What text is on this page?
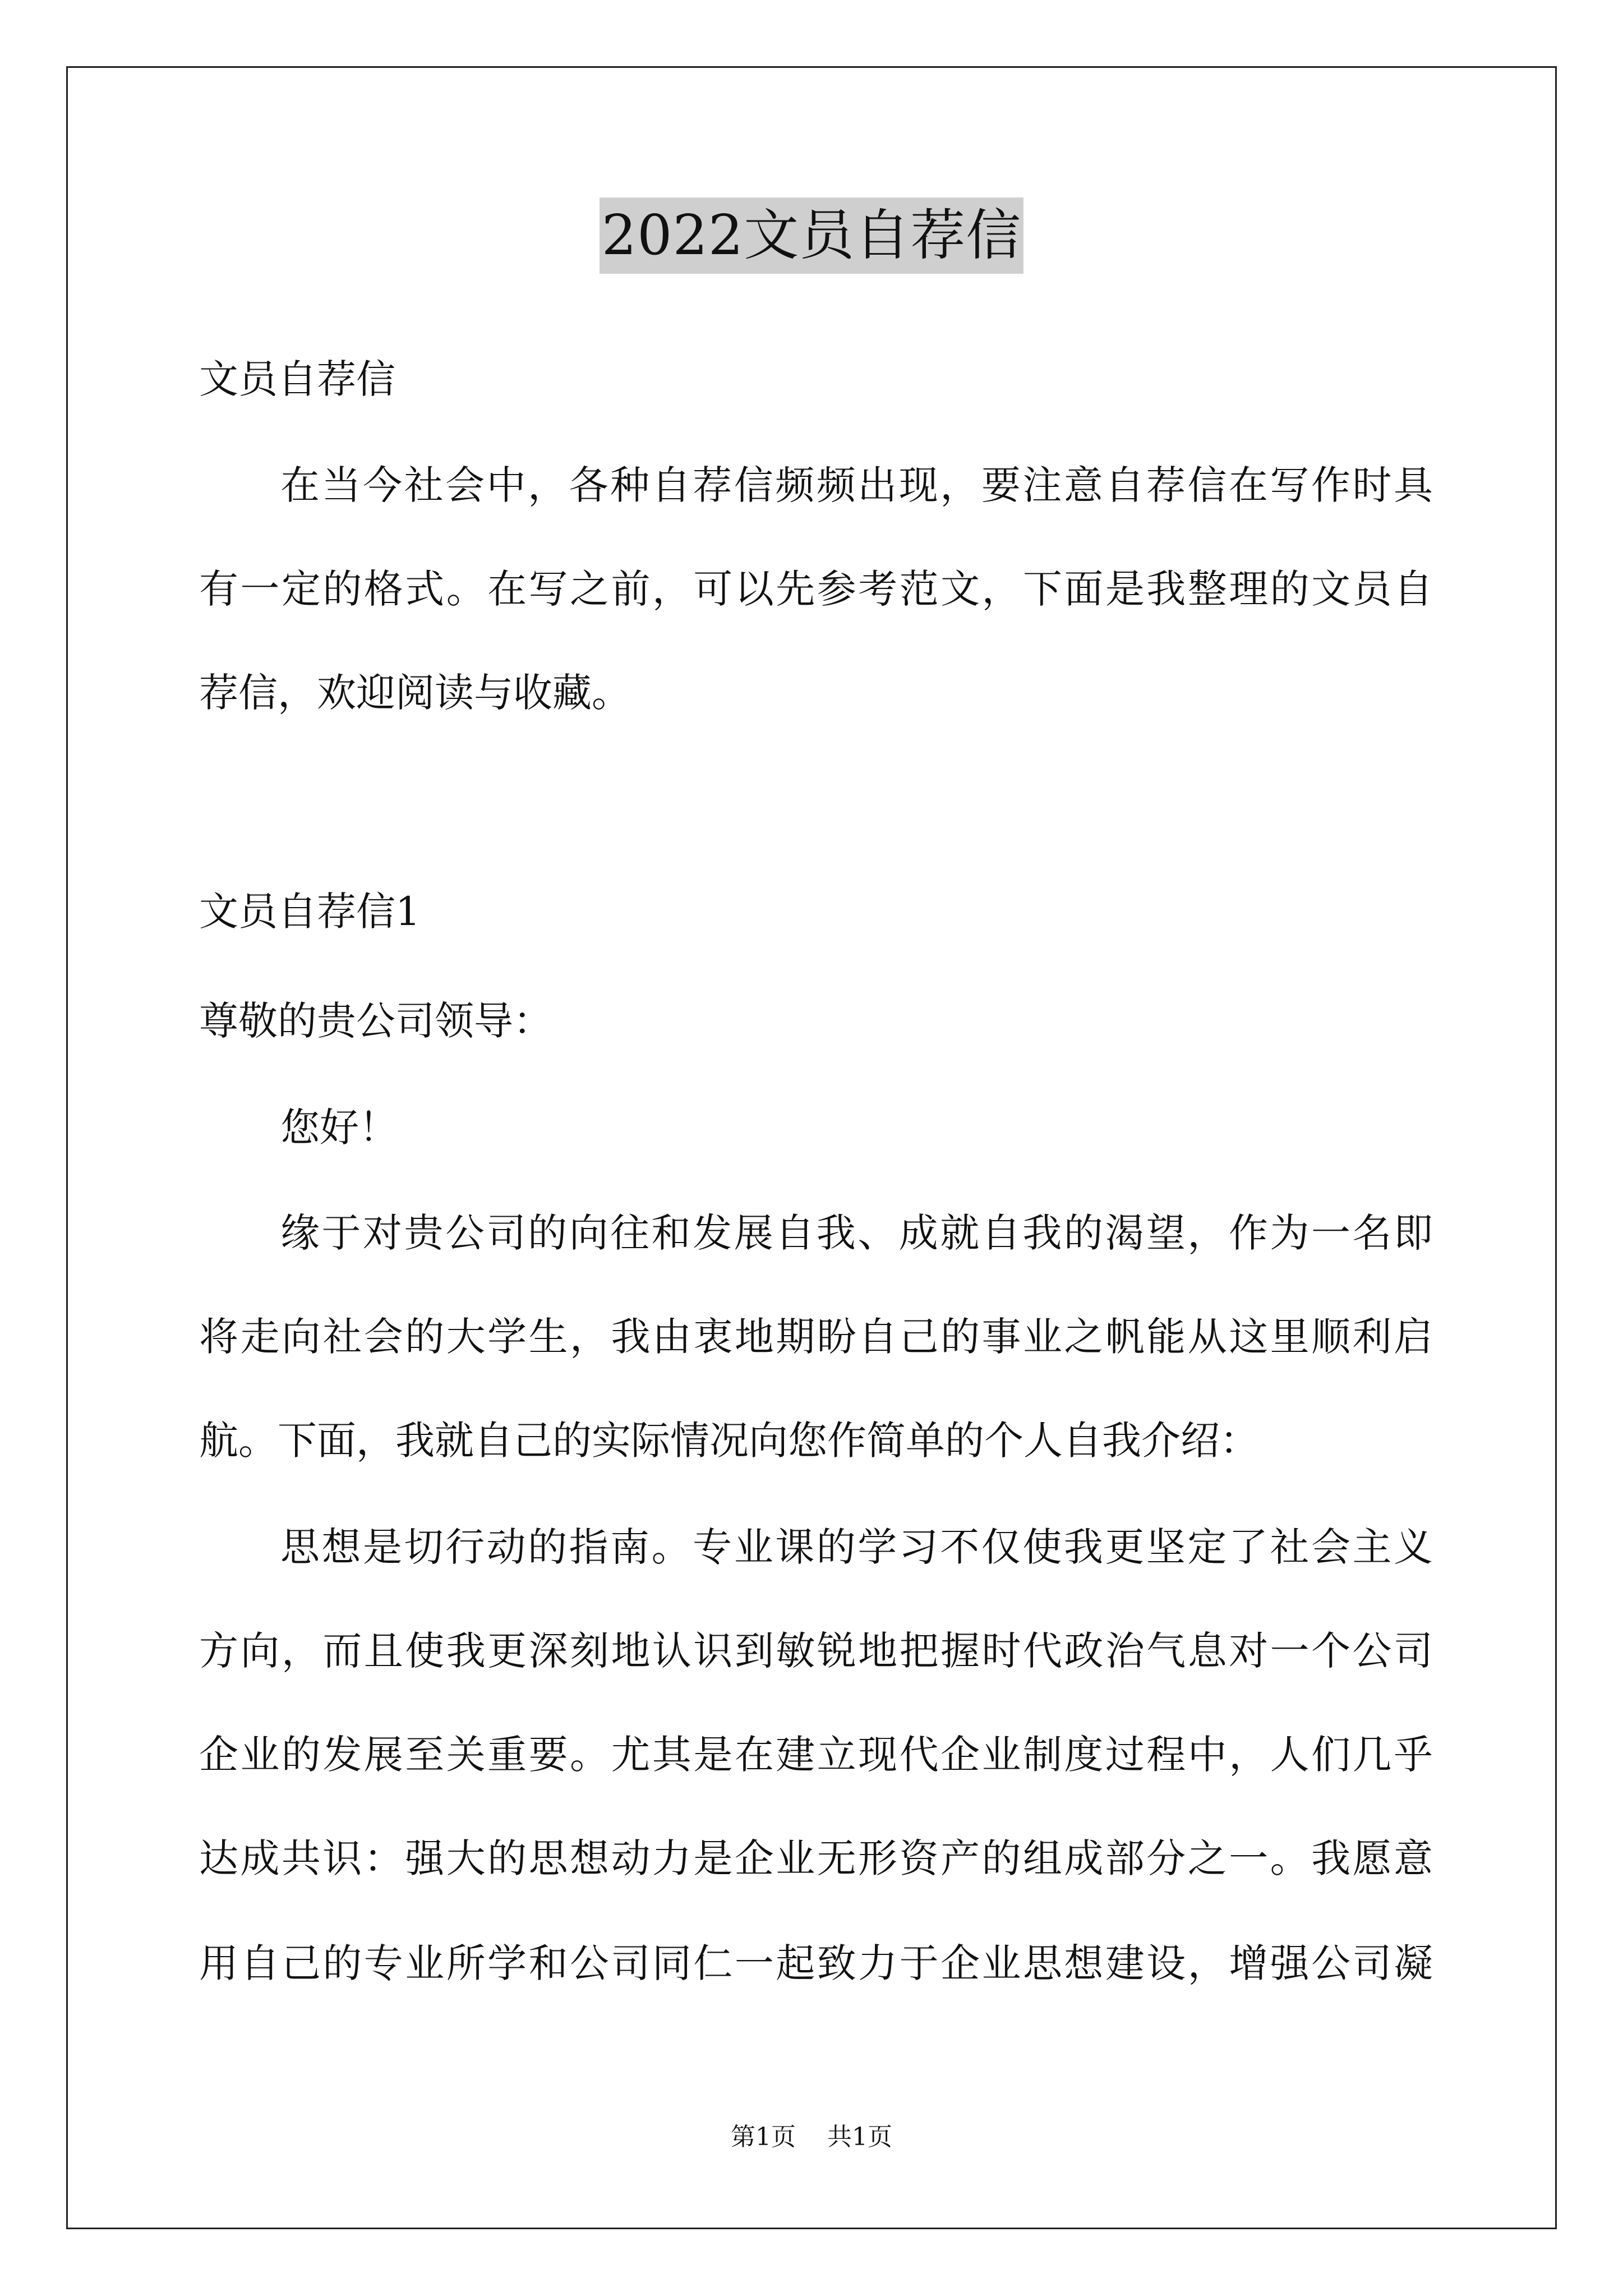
2022文员自荐信
文员自荐信
在当今社会中，各种自荐信频频出现，要注意自荐信在写作时具
有一定的格式。在写之前，可以先参考范文，下面是我整理的文员自
荐信，欢迎阅读与收藏。
文员自荐信1
尊敬的贵公司领导：
您好！
缘于对贵公司的向往和发展自我、成就自我的渴望，作为一名即
将走向社会的大学生，我由衷地期盼自己的事业之帆能从这里顺利启
航。下面，我就自己的实际情况向您作简单的个人自我介绍：
思想是切行动的指南。专业课的学习不仅使我更坚定了社会主义
方向，而且使我更深刻地认识到敏锐地把握时代政治气息对一个公司
企业的发展至关重要。尤其是在建立现代企业制度过程中，人们几乎
达成共识：强大的思想动力是企业无形资产的组成部分之一。我愿意
用自己的专业所学和公司同仁一起致力于企业思想建设，增强公司凝
第1页 共1页
